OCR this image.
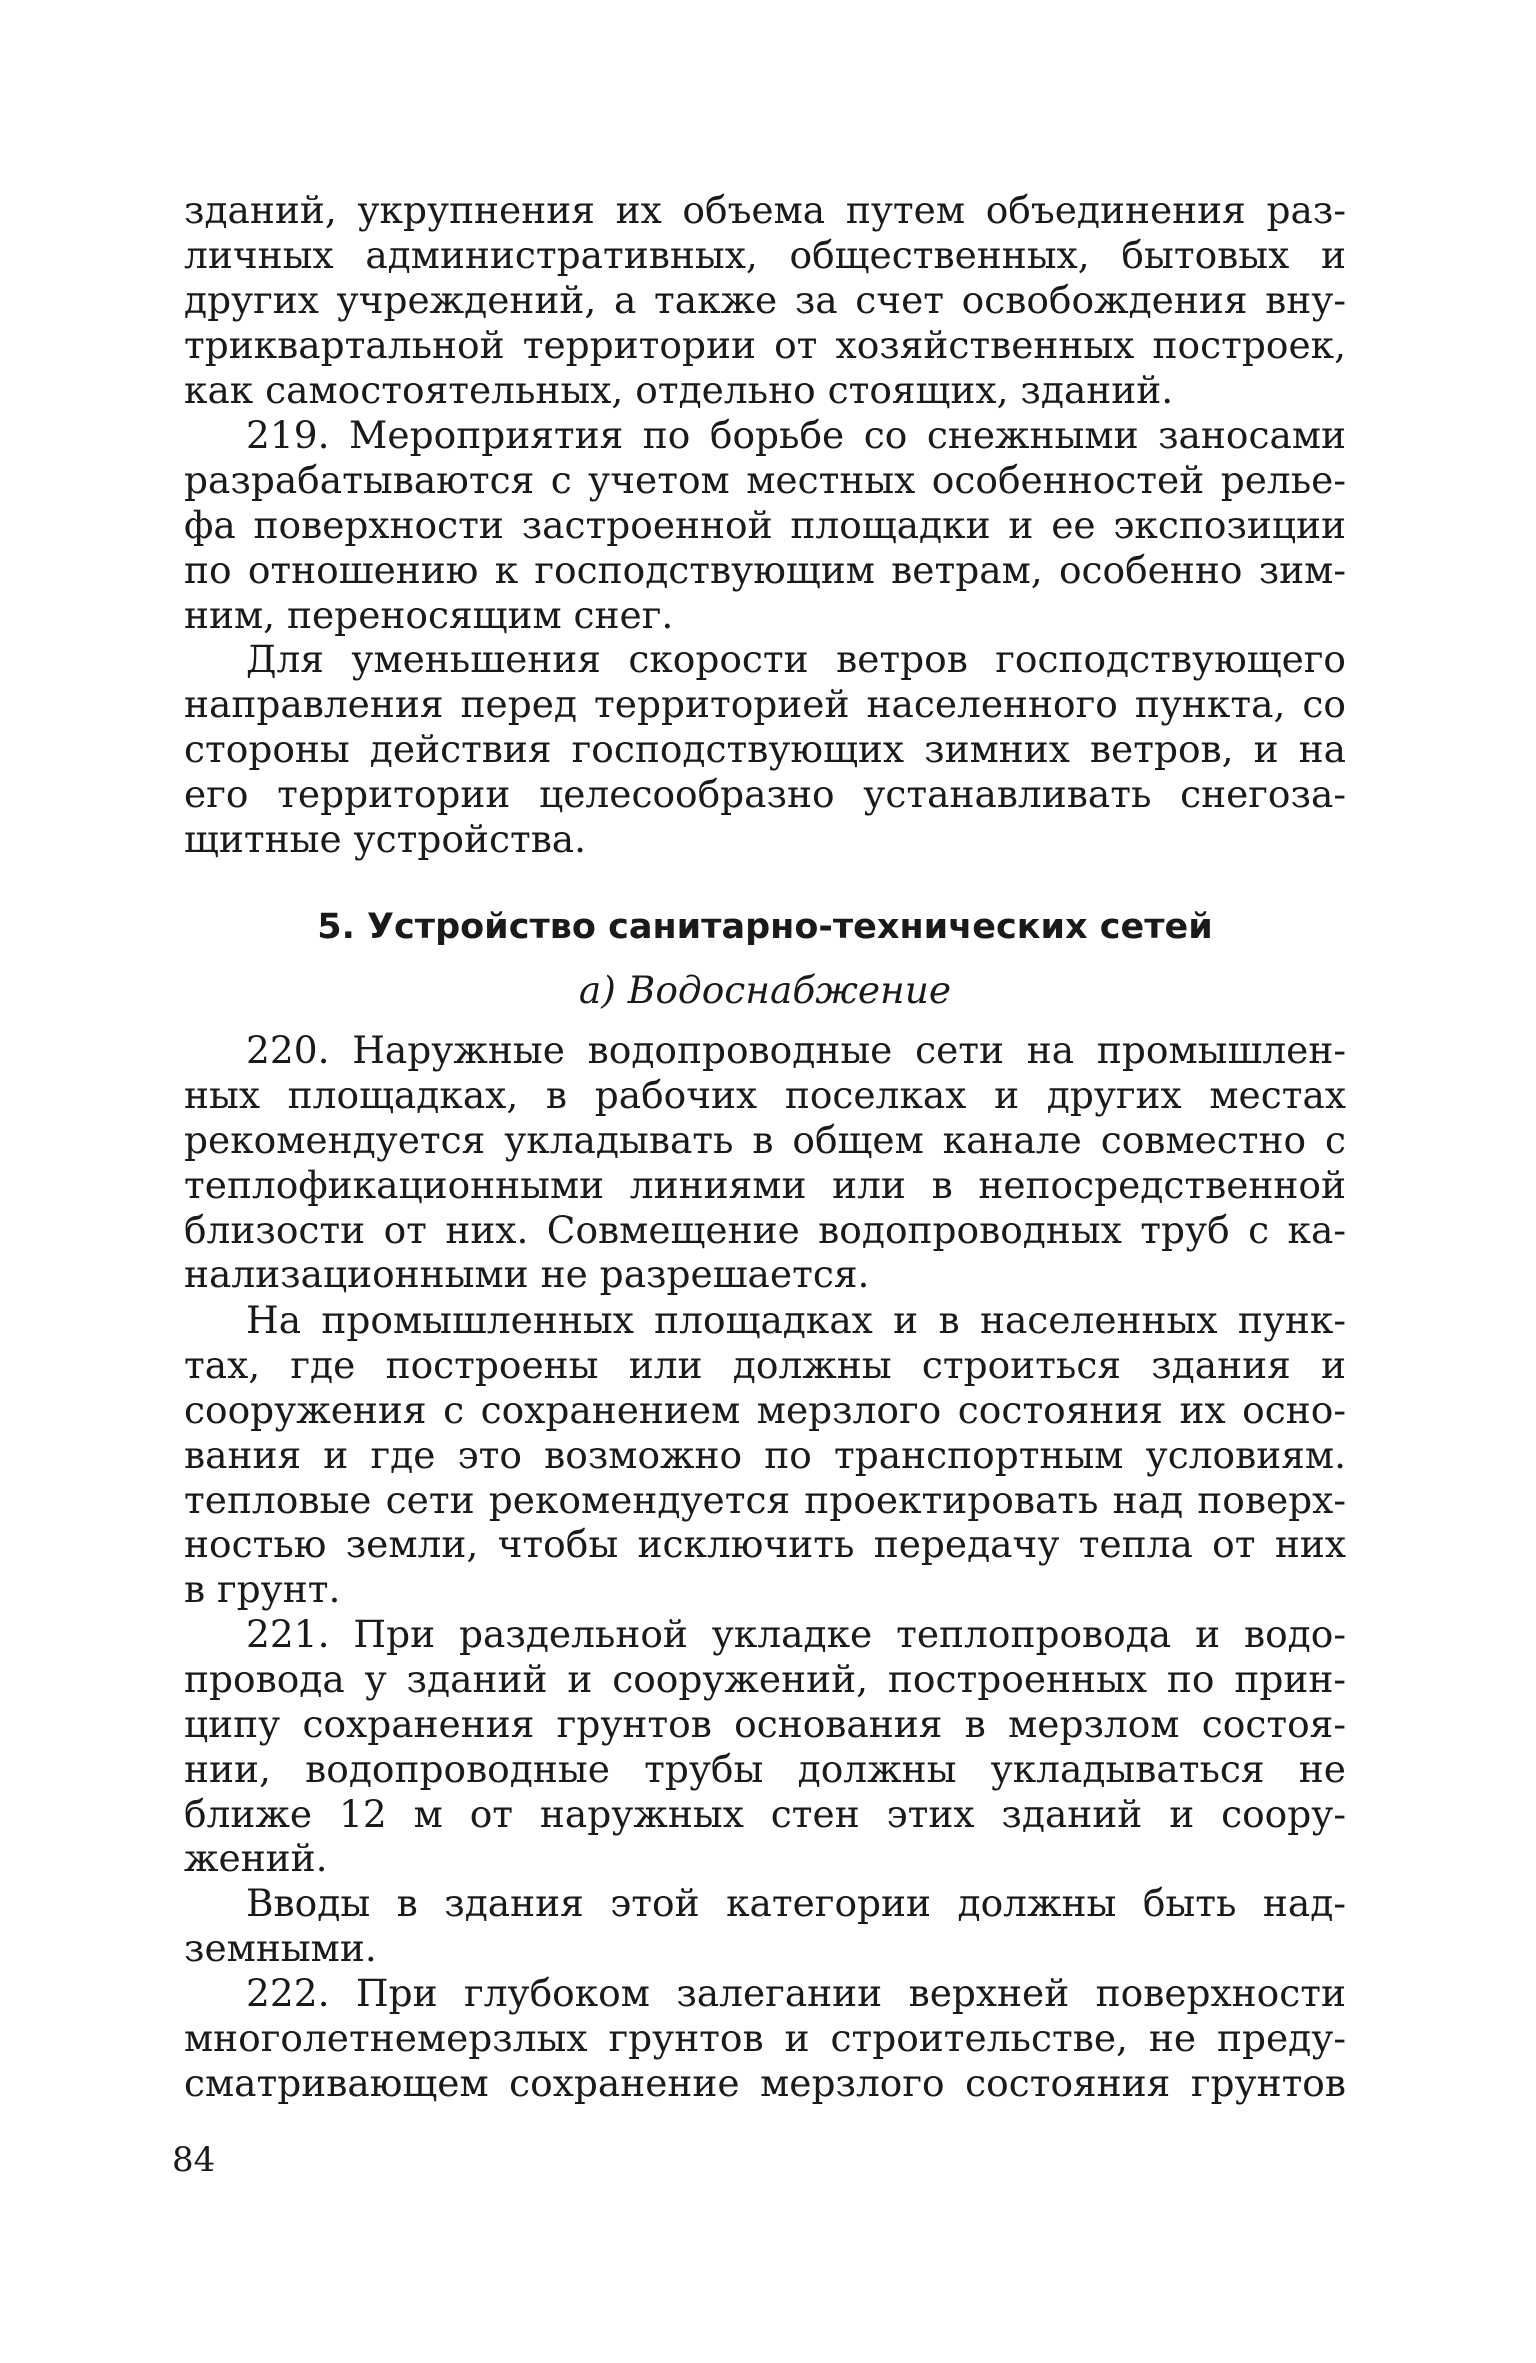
зданий, укрупнения их объема путем объединения раз-
личных административных, общественных, бытовых и
других учреждений, а также за счет освобождения вну-
триквартальной территории от хозяйственных построек,
как самостоятельных, отдельно стоящих, зданий.
219. Мероприятия по борьбе со снежными заносами
разрабатываются с учетом местных особенностей релье-
фа поверхности застроенной площадки и ее экспозиции
по отношению к господствующим ветрам, особенно зим-
ним, переносящим снег.
Для уменьшения скорости ветров господствующего
направления перед территорией населенного пункта, со
стороны действия господствующих зимних ветров, и на
его территории целесообразно устанавливать снегоза-
щитные устройства.
5. Устройство санитарно-технических сетей
а) Водоснабжение
220. Наружные водопроводные сети на промышлен-
ных площадках, в рабочих поселках и других местах
рекомендуется укладывать в общем канале совместно с
теплофикационными линиями или в непосредственной
близости от них. Совмещение водопроводных труб с ка-
нализационными не разрешается.
На промышленных площадках и в населенных пунк-
тах, где построены или должны строиться здания и
сооружения с сохранением мерзлого состояния их осно-
вания и где это возможно по транспортным условиям.
тепловые сети рекомендуется проектировать над поверх-
ностью земли, чтобы исключить передачу тепла от них
в грунт.
221. При раздельной укладке теплопровода и водо-
провода у зданий и сооружений, построенных по прин-
ципу сохранения грунтов основания в мерзлом состоя-
нии, водопроводные трубы должны укладываться не
ближе 12 м от наружных стен этих зданий и соору-
жений.
Вводы в здания этой категории должны быть над-
земными.
222. При глубоком залегании верхней поверхности
многолетнемерзлых грунтов и строительстве, не преду-
сматривающем сохранение мерзлого состояния грунтов
84
